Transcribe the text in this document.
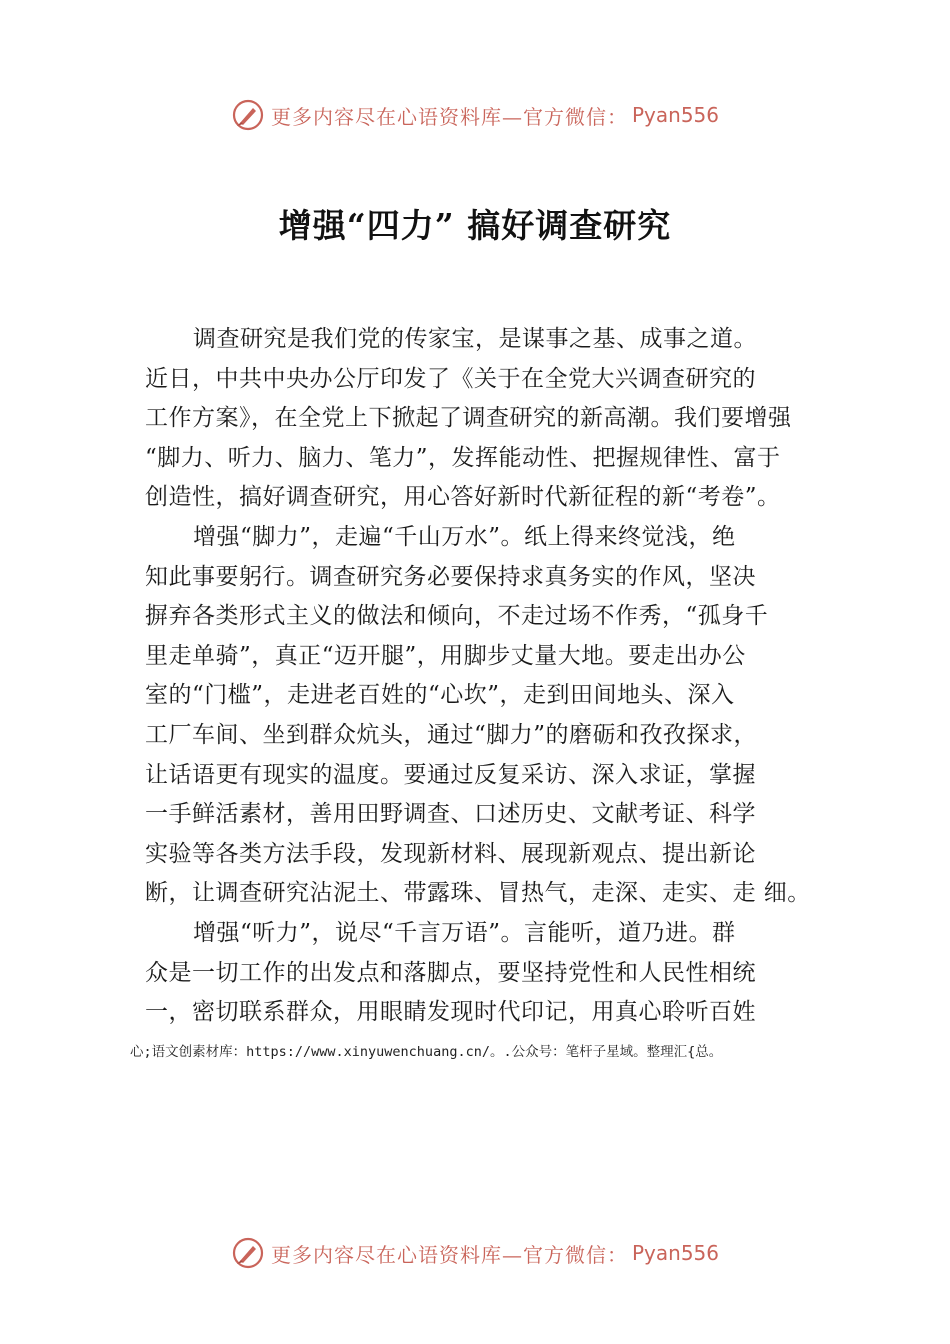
更多内容尽在心语资料库—官方微信： Pyan556
增强“四力” 搞好调查研究
调查研究是我们党的传家宝，是谋事之基、成事之道。
近日，中共中央办公厅印发了《关于在全党大兴调查研究的
工作方案》，在全党上下掀起了调查研究的新高潮。我们要增强
“脚力、听力、脑力、笔力”，发挥能动性、把握规律性、富于
创造性，搞好调查研究，用心答好新时代新征程的新“考卷”。
增强“脚力”，走遍“千山万水”。纸上得来终觉浅，绝
知此事要躬行。调查研究务必要保持求真务实的作风，坚决
摒弃各类形式主义的做法和倾向，不走过场不作秀，“孤身千
里走单骑”，真正“迈开腿”，用脚步丈量大地。要走出办公
室的“门槛”，走进老百姓的“心坎”，走到田间地头、深入
工厂车间、坐到群众炕头，通过“脚力”的磨砺和孜孜探求，
让话语更有现实的温度。要通过反复采访、深入求证，掌握
一手鲜活素材，善用田野调查、口述历史、文献考证、科学
实验等各类方法手段，发现新材料、展现新观点、提出新论
断，让调查研究沾泥土、带露珠、冒热气，走深、走实、走 细。
增强“听力”，说尽“千言万语”。言能听，道乃进。群
众是一切工作的出发点和落脚点，要坚持党性和人民性相统
一，密切联系群众，用眼睛发现时代印记，用真心聆听百姓
心;语文创素材库：https://www.xinyuwenchuang.cn/。.公众号：笔杆子星域。整理汇{总。
更多内容尽在心语资料库—官方微信： Pyan556
